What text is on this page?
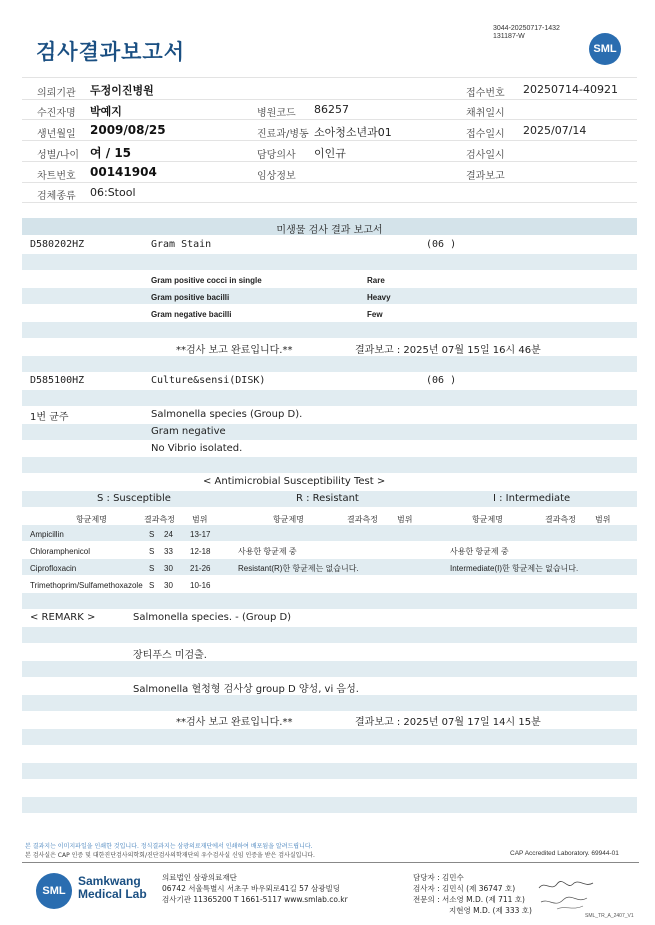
검사결과보고서
3044-20250717-1432
131187-W
SML
의뢰기관 두정이진병원	접수번호 20250714-40921
수진자명 박예지	병원코드 86257	채취일시
생년월일 2009/08/25	진료과/병동 소아청소년과01	접수일시 2025/07/14
성별/나이 여 / 15	담당의사 이인규	검사일시
차트번호 00141904	임상정보	결과보고
검체종류 06:Stool
미생물 검사 결과 보고서
D580202HZ	Gram Stain	(06 )
Gram positive cocci in single	Rare
Gram positive bacilli	Heavy
Gram negative bacilli	Few
**검사 보고 완료입니다.**	결과보고 : 2025년 07월 15일 16시 46분
D585100HZ	Culture&sensi(DISK)	(06 )
1번 균주	Salmonella species (Group D).
Gram negative
No Vibrio isolated.
< Antimicrobial Susceptibility Test >
S : Susceptible	R : Resistant	I : Intermediate
항균제명	결과측정 범위	항균제명	결과측정 범위	항균제명	결과측정 범위
Ampicillin	S 24 13-17
Chloramphenicol	S 33 12-18	사용한 항균제 중	사용한 항균제 중
Ciprofloxacin	S 30 21-26	Resistant(R)한 항균제는 없습니다.	Intermediate(I)한 항균제는 없습니다.
Trimethoprim/Sulfamethoxazole S 30 10-16
< REMARK >	Salmonella species. - (Group D)
장티푸스 미검출.
Salmonella 혈청형 검사상 group D 양성, vi 음성.
**검사 보고 완료입니다.**	결과보고 : 2025년 07월 17일 14시 15분
본 결과지는 이미지파일을 인쇄한 것입니다. 정식결과지는 삼광의료재단에서 인쇄하여 배포됨을 알려드립니다.
본 검사실은 CAP 인증 및 대한진단검사의학회/진단검사의학재단의 우수검사실 신임 인증을 받은 검사실입니다.	CAP Accredited Laboratory. 69944-01
SML
Samkwang
Medical Lab
의료법인 삼광의료재단
06742 서울특별시 서초구 바우뫼로41길 57 삼광빌딩
검사기관 11365200 T 1661-5117 www.smlab.co.kr
담당자 : 김민수
검사자 : 김민식 (제 36747 호)
전문의 : 서소영 M.D. (제 711 호)
지현영 M.D. (제 333 호)
SML_TR_A_2407_V1
